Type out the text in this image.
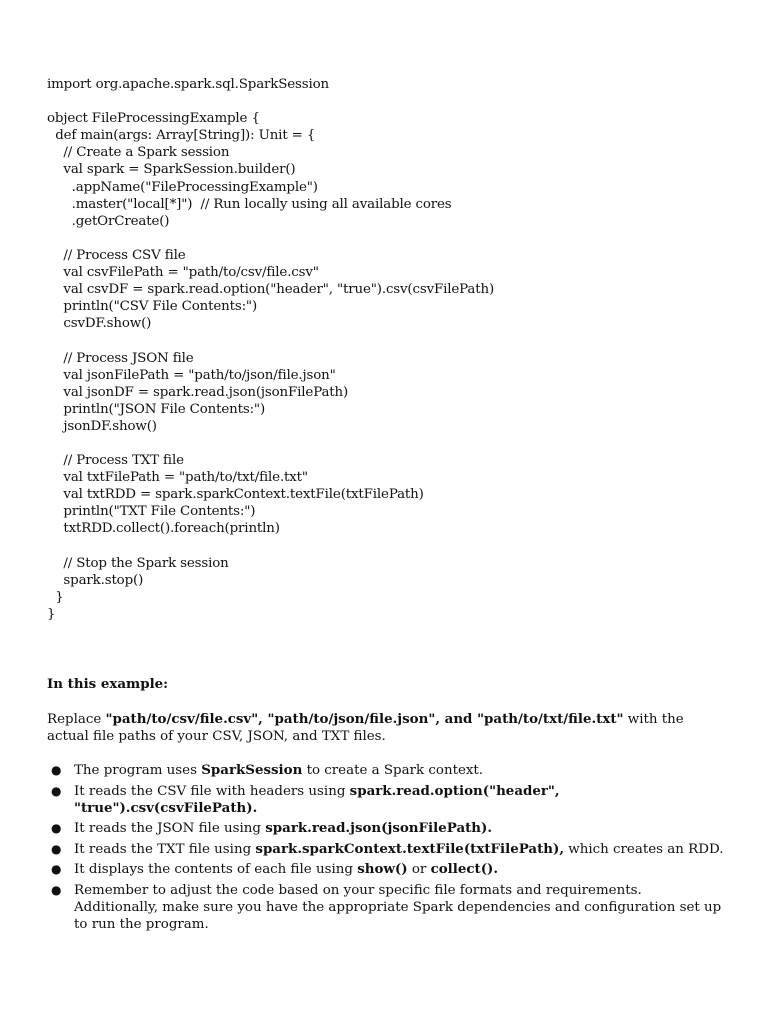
import org.apache.spark.sql.SparkSession
object FileProcessingExample {
def main(args: Array[String]): Unit = {
// Create a Spark session
val spark = SparkSession.builder()
.appName("FileProcessingExample")
.master("local[*]")  // Run locally using all available cores
.getOrCreate()
// Process CSV file
val csvFilePath = "path/to/csv/file.csv"
val csvDF = spark.read.option("header", "true").csv(csvFilePath)
println("CSV File Contents:")
csvDF.show()
// Process JSON file
val jsonFilePath = "path/to/json/file.json"
val jsonDF = spark.read.json(jsonFilePath)
println("JSON File Contents:")
jsonDF.show()
// Process TXT file
val txtFilePath = "path/to/txt/file.txt"
val txtRDD = spark.sparkContext.textFile(txtFilePath)
println("TXT File Contents:")
txtRDD.collect().foreach(println)
// Stop the Spark session
spark.stop()
}
}

In this example:

Replace "path/to/csv/file.csv", "path/to/json/file.json", and "path/to/txt/file.txt" with the actual file paths of your CSV, JSON, and TXT files.

● The program uses SparkSession to create a Spark context.
● It reads the CSV file with headers using spark.read.option("header", "true").csv(csvFilePath).
● It reads the JSON file using spark.read.json(jsonFilePath).
● It reads the TXT file using spark.sparkContext.textFile(txtFilePath), which creates an RDD.
● It displays the contents of each file using show() or collect().
● Remember to adjust the code based on your specific file formats and requirements. Additionally, make sure you have the appropriate Spark dependencies and configuration set up to run the program.
